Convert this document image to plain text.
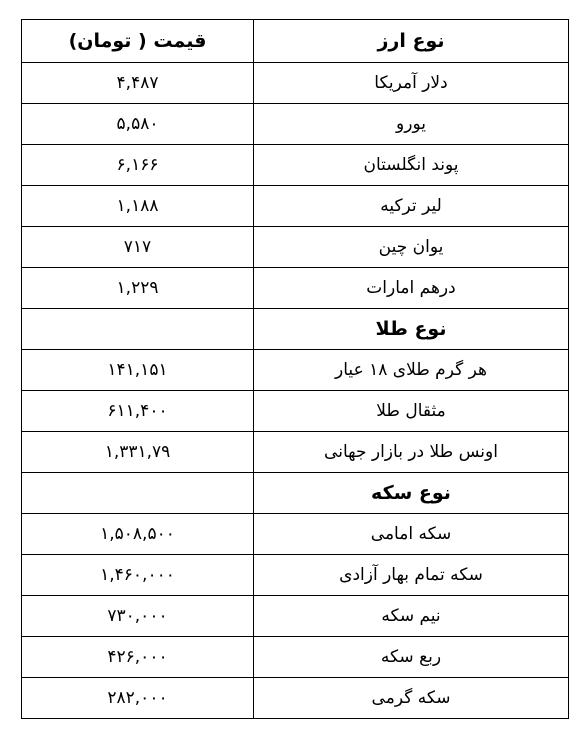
قیمت ( تومان)	نوع ارز
۴,۴۸۷	دلار آمریکا
۵,۵۸۰	یورو
۶,۱۶۶	پوند انگلستان
۱,۱۸۸	لیر ترکیه
۷۱۷	یوان چین
۱,۲۲۹	درهم امارات
	نوع طلا
۱۴۱,۱۵۱	هر گرم طلای ۱۸ عیار
۶۱۱,۴۰۰	مثقال طلا
۱,۳۳۱,۷۹	اونس طلا در بازار جهانی
	نوع سکه
۱,۵۰۸,۵۰۰	سکه امامی
۱,۴۶۰,۰۰۰	سکه تمام بهار آزادی
۷۳۰,۰۰۰	نیم سکه
۴۲۶,۰۰۰	ربع سکه
۲۸۲,۰۰۰	سکه گرمی
